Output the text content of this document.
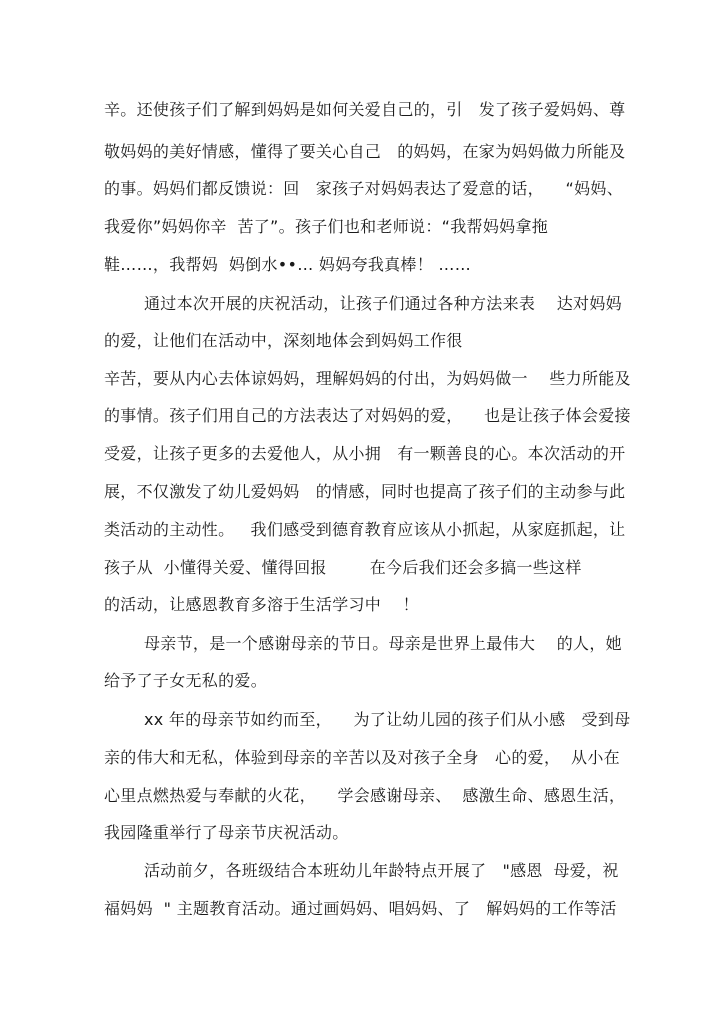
辛。还使孩子们了解到妈妈是如何关爱自己的，引   发了孩子爱妈妈、尊
敬妈妈的美好情感，懂得了要关心自己   的妈妈，在家为妈妈做力所能及
的事。妈妈们都反馈说：回   家孩子对妈妈表达了爱意的话，    “妈妈、
我爱你”妈妈你辛  苦了”。孩子们也和老师说：“我帮妈妈拿拖
鞋……，我帮妈  妈倒水••… 妈妈夸我真棒！ ……
通过本次开展的庆祝活动，让孩子们通过各种方法来表    达对妈妈
的爱，让他们在活动中，深刻地体会到妈妈工作很
辛苦，要从内心去体谅妈妈，理解妈妈的付出，为妈妈做一    些力所能及
的事情。孩子们用自己的方法表达了对妈妈的爱，    也是让孩子体会爱接
受爱，让孩子更多的去爱他人，从小拥   有一颗善良的心。本次活动的开
展，不仅激发了幼儿爱妈妈   的情感，同时也提高了孩子们的主动参与此
类活动的主动性。   我们感受到德育教育应该从小抓起，从家庭抓起，让
孩子从  小懂得关爱、懂得回报        在今后我们还会多搞一些这样
的活动，让感恩教育多溶于生活学习中    ！
母亲节，是一个感谢母亲的节日。母亲是世界上最伟大    的人，她
给予了子女无私的爱。
xx 年的母亲节如约而至，    为了让幼儿园的孩子们从小感   受到母
亲的伟大和无私，体验到母亲的辛苦以及对孩子全身   心的爱，  从小在
心里点燃热爱与奉献的火花，    学会感谢母亲、  感激生命、感恩生活，
我园隆重举行了母亲节庆祝活动。
活动前夕，各班级结合本班幼儿年龄特点开展了   "感恩  母爱，祝
福妈妈  " 主题教育活动。通过画妈妈、唱妈妈、了   解妈妈的工作等活
